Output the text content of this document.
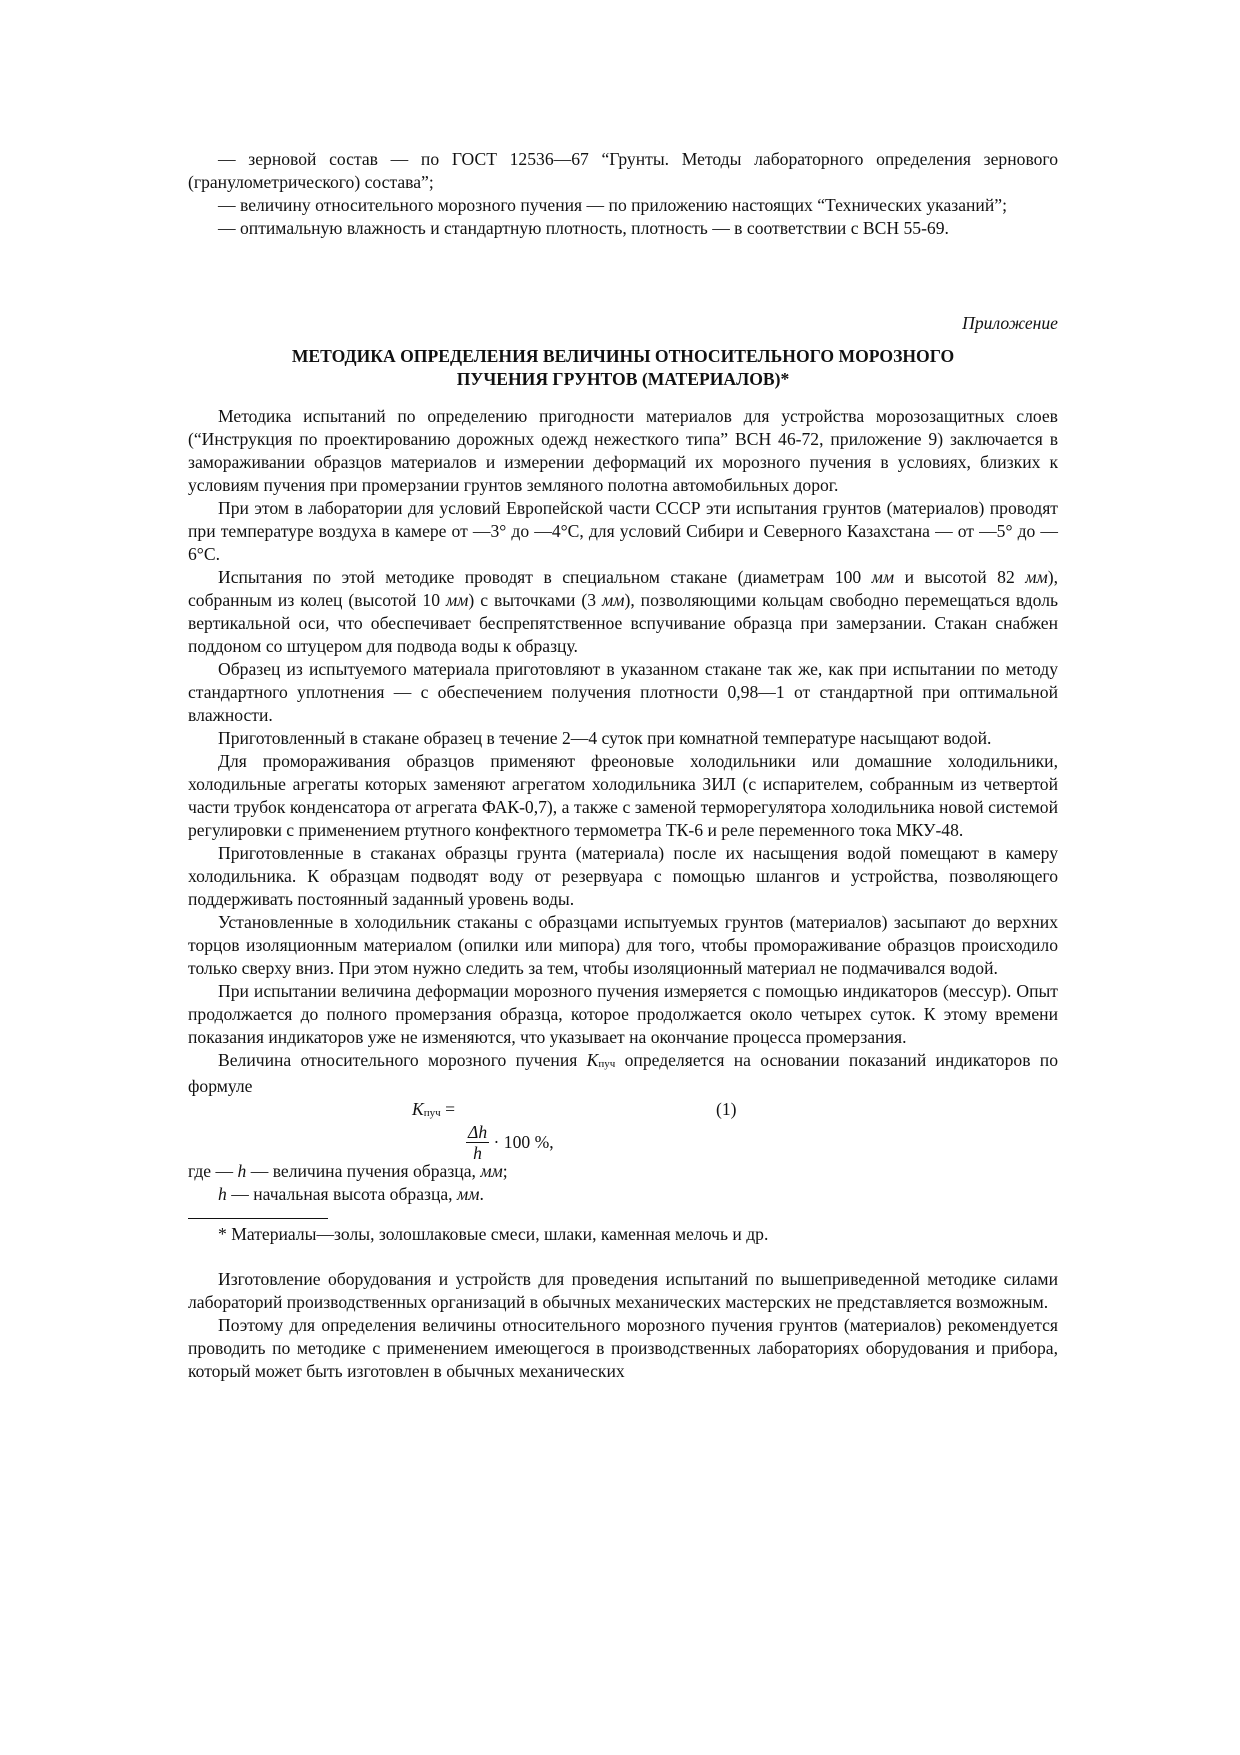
— зерновой состав — по ГОСТ 12536—67 “Грунты. Методы лабораторного определения зернового (гранулометрического) состава”;

— величину относительного морозного пучения — по приложению настоящих “Технических указаний”;

— оптимальную влажность и стандартную плотность, плотность — в соответствии с ВСН 55-69.

Приложение

МЕТОДИКА ОПРЕДЕЛЕНИЯ ВЕЛИЧИНЫ ОТНОСИТЕЛЬНОГО МОРОЗНОГО
ПУЧЕНИЯ ГРУНТОВ (МАТЕРИАЛОВ)*

Методика испытаний по определению пригодности материалов для устройства морозозащитных слоев (“Инструкция по проектированию дорожных одежд нежесткого типа” ВСН 46-72, приложение 9) заключается в замораживании образцов материалов и измерении деформаций их морозного пучения в условиях, близких к условиям пучения при промерзании грунтов земляного полотна автомобильных дорог.

При этом в лаборатории для условий Европейской части СССР эти испытания грунтов (материалов) проводят при температуре воздуха в камере от —3° до —4°С, для условий Сибири и Северного Казахстана — от —5° до —6°С.

Испытания по этой методике проводят в специальном стакане (диаметрам 100 мм и высотой 82 мм), собранным из колец (высотой 10 мм) с выточками (3 мм), позволяющими кольцам свободно перемещаться вдоль вертикальной оси, что обеспечивает беспрепятственное вспучивание образца при замерзании. Стакан снабжен поддоном со штуцером для подвода воды к образцу.

Образец из испытуемого материала приготовляют в указанном стакане так же, как при испытании по методу стандартного уплотнения — с обеспечением получения плотности 0,98—1 от стандартной при оптимальной влажности.

Приготовленный в стакане образец в течение 2—4 суток при комнатной температуре насыщают водой.

Для промораживания образцов применяют фреоновые холодильники или домашние холодильники, холодильные агрегаты которых заменяют агрегатом холодильника ЗИЛ (с испарителем, собранным из четвертой части трубок конденсатора от агрегата ФАК-0,7), а также с заменой терморегулятора холодильника новой системой регулировки с применением ртутного конфектного термометра ТК-6 и реле переменного тока МКУ-48.

Приготовленные в стаканах образцы грунта (материала) после их насыщения водой помещают в камеру холодильника. К образцам подводят воду от резервуара с помощью шлангов и устройства, позволяющего поддерживать постоянный заданный уровень воды.

Установленные в холодильник стаканы с образцами испытуемых грунтов (материалов) засыпают до верхних торцов изоляционным материалом (опилки или мипора) для того, чтобы промораживание образцов происходило только сверху вниз. При этом нужно следить за тем, чтобы изоляционный материал не подмачивался водой.

При испытании величина деформации морозного пучения измеряется с помощью индикаторов (мессур). Опыт продолжается до полного промерзания образца, которое продолжается около четырех суток. К этому времени показания индикаторов уже не изменяются, что указывает на окончание процесса промерзания.

Величина относительного морозного пучения Kпуч определяется на основании показаний индикаторов по формуле

Kпуч =	(1)
$\frac{\Delta h}{h} \cdot 100$ %,

где — h — величина пучения образца, мм;

h — начальная высота образца, мм.

* Материалы—золы, золошлаковые смеси, шлаки, каменная мелочь и др.

Изготовление оборудования и устройств для проведения испытаний по вышеприведенной методике силами лабораторий производственных организаций в обычных механических мастерских не представляется возможным.

Поэтому для определения величины относительного морозного пучения грунтов (материалов) рекомендуется проводить по методике с применением имеющегося в производственных лабораториях оборудования и прибора, который может быть изготовлен в обычных механических
